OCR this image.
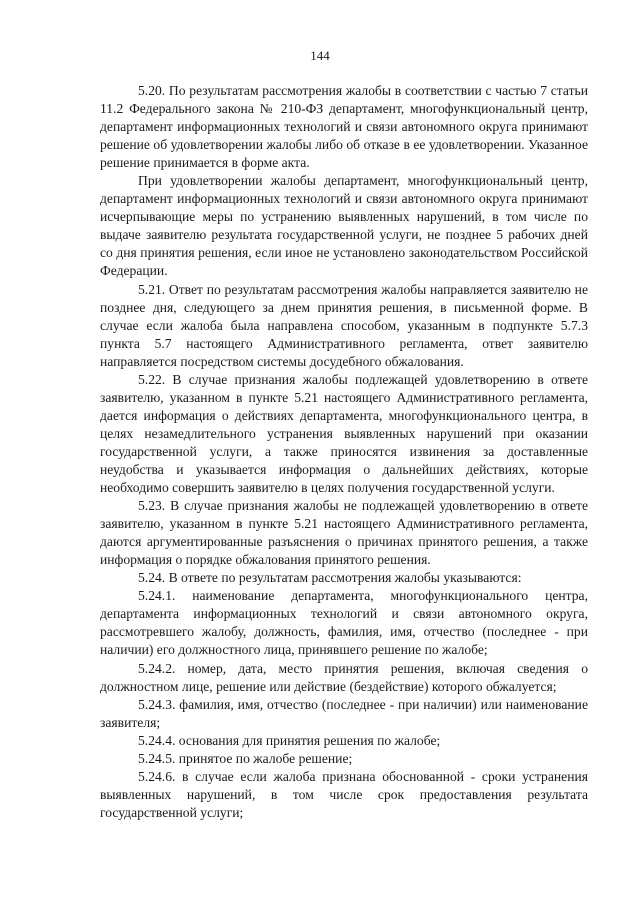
144

5.20. По результатам рассмотрения жалобы в соответствии с частью 7 статьи 11.2 Федерального закона № 210-ФЗ департамент, многофункциональный центр, департамент информационных технологий и связи автономного округа принимают решение об удовлетворении жалобы либо об отказе в ее удовлетворении. Указанное решение принимается в форме акта.

При удовлетворении жалобы департамент, многофункциональный центр, департамент информационных технологий и связи автономного округа принимают исчерпывающие меры по устранению выявленных нарушений, в том числе по выдаче заявителю результата государственной услуги, не позднее 5 рабочих дней со дня принятия решения, если иное не установлено законодательством Российской Федерации.

5.21. Ответ по результатам рассмотрения жалобы направляется заявителю не позднее дня, следующего за днем принятия решения, в письменной форме. В случае если жалоба была направлена способом, указанным в подпункте 5.7.3 пункта 5.7 настоящего Административного регламента, ответ заявителю направляется посредством системы досудебного обжалования.

5.22. В случае признания жалобы подлежащей удовлетворению в ответе заявителю, указанном в пункте 5.21 настоящего Административного регламента, дается информация о действиях департамента, многофункционального центра, в целях незамедлительного устранения выявленных нарушений при оказании государственной услуги, а также приносятся извинения за доставленные неудобства и указывается информация о дальнейших действиях, которые необходимо совершить заявителю в целях получения государственной услуги.

5.23. В случае признания жалобы не подлежащей удовлетворению в ответе заявителю, указанном в пункте 5.21 настоящего Административного регламента, даются аргументированные разъяснения о причинах принятого решения, а также информация о порядке обжалования принятого решения.

5.24. В ответе по результатам рассмотрения жалобы указываются:

5.24.1. наименование департамента, многофункционального центра, департамента информационных технологий и связи автономного округа, рассмотревшего жалобу, должность, фамилия, имя, отчество (последнее - при наличии) его должностного лица, принявшего решение по жалобе;

5.24.2. номер, дата, место принятия решения, включая сведения о должностном лице, решение или действие (бездействие) которого обжалуется;

5.24.3. фамилия, имя, отчество (последнее - при наличии) или наименование заявителя;

5.24.4. основания для принятия решения по жалобе;

5.24.5. принятое по жалобе решение;

5.24.6. в случае если жалоба признана обоснованной - сроки устранения выявленных нарушений, в том числе срок предоставления результата государственной услуги;
